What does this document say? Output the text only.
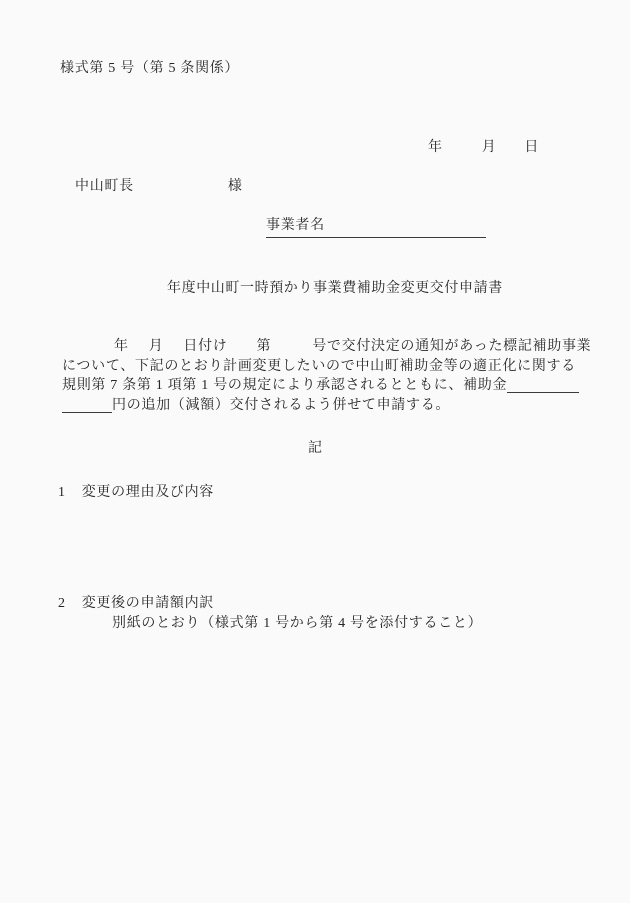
様式第 5 号（第 5 条関係）
年	月 日
中山町長	様
事業者名
年度中山町一時預かり事業費補助金変更交付申請書
年 月 日付け 第	号で交付決定の通知があった標記補助事業
について、下記のとおり計画変更したいので中山町補助金等の適正化に関する
規則第 7 条第 1 項第 1 号の規定により承認されるとともに、補助金
円の追加（減額）交付されるよう併せて申請する。
記
1 変更の理由及び内容
2 変更後の申請額内訳
別紙のとおり（様式第 1 号から第 4 号を添付すること）
